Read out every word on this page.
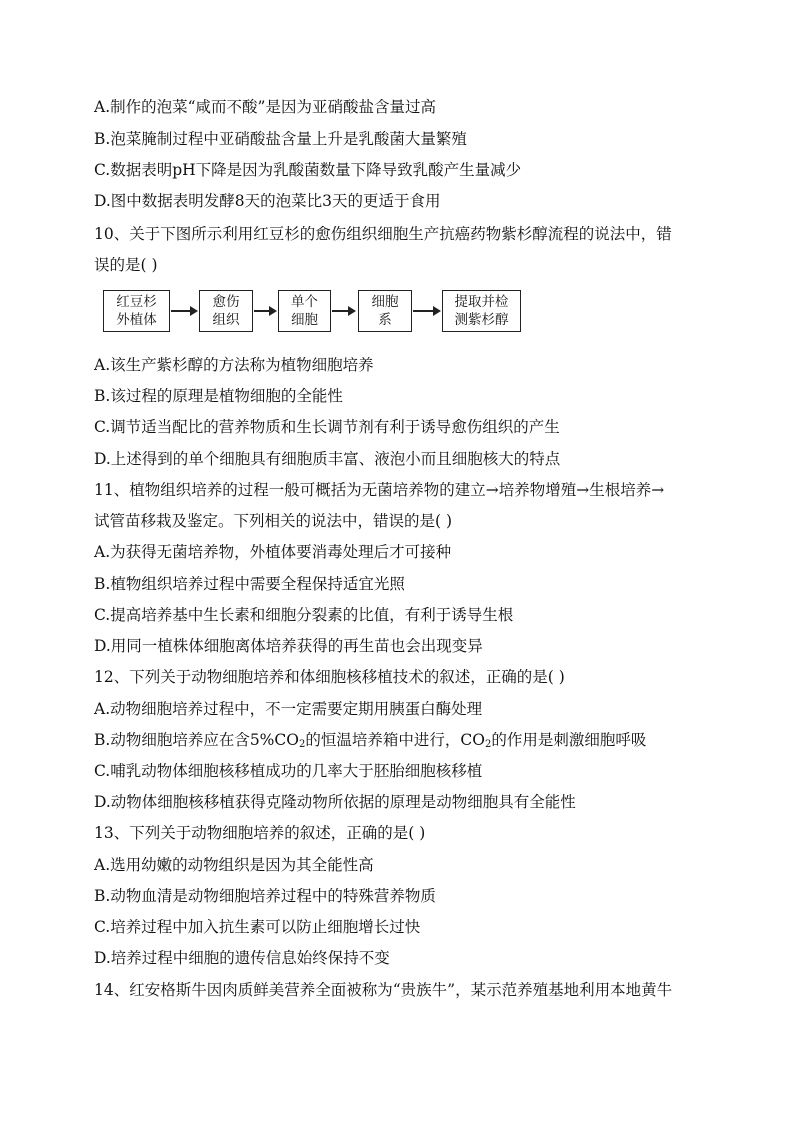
A.制作的泡菜“咸而不酸”是因为亚硝酸盐含量过高
B.泡菜腌制过程中亚硝酸盐含量上升是乳酸菌大量繁殖
C.数据表明pH下降是因为乳酸菌数量下降导致乳酸产生量减少
D.图中数据表明发酵8天的泡菜比3天的更适于食用
10、关于下图所示利用红豆杉的愈伤组织细胞生产抗癌药物紫杉醇流程的说法中，错
误的是( )
红豆杉
外植体
愈伤
组织
单个
细胞
细胞
系
提取并检
测紫杉醇
A.该生产紫杉醇的方法称为植物细胞培养
B.该过程的原理是植物细胞的全能性
C.调节适当配比的营养物质和生长调节剂有利于诱导愈伤组织的产生
D.上述得到的单个细胞具有细胞质丰富、液泡小而且细胞核大的特点
11、植物组织培养的过程一般可概括为无菌培养物的建立→培养物增殖→生根培养→
试管苗移栽及鉴定。下列相关的说法中，错误的是( )
A.为获得无菌培养物，外植体要消毒处理后才可接种
B.植物组织培养过程中需要全程保持适宜光照
C.提高培养基中生长素和细胞分裂素的比值，有利于诱导生根
D.用同一植株体细胞离体培养获得的再生苗也会出现变异
12、下列关于动物细胞培养和体细胞核移植技术的叙述，正确的是( )
A.动物细胞培养过程中，不一定需要定期用胰蛋白酶处理
B.动物细胞培养应在含$5\%CO_2$的恒温培养箱中进行，$CO_2$的作用是刺激细胞呼吸
C.哺乳动物体细胞核移植成功的几率大于胚胎细胞核移植
D.动物体细胞核移植获得克隆动物所依据的原理是动物细胞具有全能性
13、下列关于动物细胞培养的叙述，正确的是( )
A.选用幼嫩的动物组织是因为其全能性高
B.动物血清是动物细胞培养过程中的特殊营养物质
C.培养过程中加入抗生素可以防止细胞增长过快
D.培养过程中细胞的遗传信息始终保持不变
14、红安格斯牛因肉质鲜美营养全面被称为“贵族牛”，某示范养殖基地利用本地黄牛
